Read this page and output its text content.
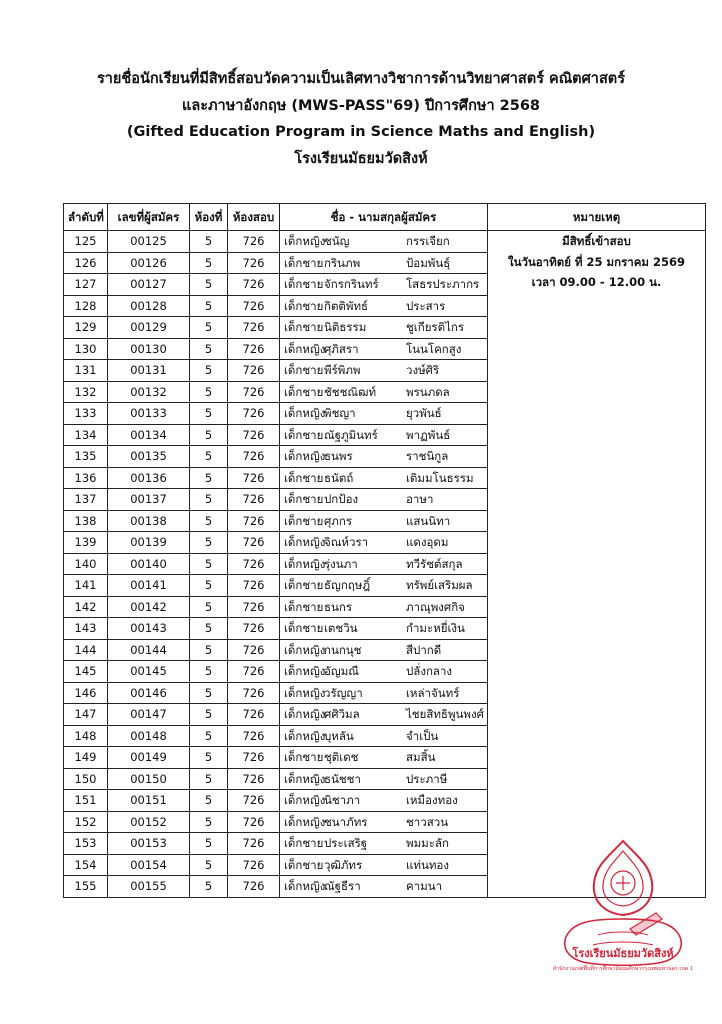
รายชื่อนักเรียนที่มีสิทธิ์สอบวัดความเป็นเลิศทางวิชาการด้านวิทยาศาสตร์ คณิตศาสตร์
และภาษาอังกฤษ (MWS-PASS"69) ปีการศึกษา 2568
(Gifted Education Program in Science Maths and English)
โรงเรียนมัธยมวัดสิงห์
ลำดับที่	เลขที่ผู้สมัคร	ห้องที่	ห้องสอบ	ชื่อ - นามสกุลผู้สมัคร	หมายเหตุ
125	00125	5	726	เด็กหญิงชนัญ กรรเจียก	มีสิทธิ์เข้าสอบ
ในวันอาทิตย์ ที่ 25 มกราคม 2569
เวลา 09.00 - 12.00 น.

126	00126	5	726	เด็กชายกรินภพ ป้อมพันธุ์	
127	00127	5	726	เด็กชายจักรกรินทร์ โสธรประภากร	
128	00128	5	726	เด็กชายกิตติพัทธ์ ประสาร	
129	00129	5	726	เด็กชายนิติธรรม ชูเกียรติไกร	
130	00130	5	726	เด็กหญิงศุภิสรา โนนโคกสูง	
131	00131	5	726	เด็กชายพีร์พิภพ วงษ์ศิริ	
132	00132	5	726	เด็กชายชัชชณิฒท์ พรนภดล	
133	00133	5	726	เด็กหญิงพิชญา ยุวพันธ์	
134	00134	5	726	เด็กชายณัฐภูมินทร์ พาฏพันธ์	
135	00135	5	726	เด็กหญิงธนพร ราชนิกูล	
136	00136	5	726	เด็กชายธนัตถ์ เติมมโนธรรม	
137	00137	5	726	เด็กชายปกป้อง อาษา	
138	00138	5	726	เด็กชายศุภกร แสนนิทา	
139	00139	5	726	เด็กหญิงจิณห์วรา แดงอุดม	
140	00140	5	726	เด็กหญิงรุ่งนภา ทวีรัชต์สกุล	
141	00141	5	726	เด็กชายธัญกฤษฎิ์ ทรัพย์เสริมผล	
142	00142	5	726	เด็กชายธนกร ภาณุพงศกิจ	
143	00143	5	726	เด็กชายเตชวิน กำมะหยี่เงิน	
144	00144	5	726	เด็กหญิงกนกนุช สีปากดี	
145	00145	5	726	เด็กหญิงอัญมณี ปลั่งกลาง	
146	00146	5	726	เด็กหญิงวรัญญา เหล่าจันทร์	
147	00147	5	726	เด็กหญิงศศิวิมล ไชยสิทธิพูนพงศ์	
148	00148	5	726	เด็กหญิงบุหลัน จำเป็น	
149	00149	5	726	เด็กชายชุติเดช สมสิ้น	
150	00150	5	726	เด็กหญิงธนัชชา ประภาษี	
151	00151	5	726	เด็กหญิงนิชาภา เหมืองทอง	
152	00152	5	726	เด็กหญิงชนาภัทร ชาวสวน	
153	00153	5	726	เด็กชายประเสริฐ พมมะลัก	
154	00154	5	726	เด็กชายวุฒิภัทร แท่นทอง	
155	00155	5	726	เด็กหญิงณัฐธีรา คามนา	
โรงเรียนมัธยมวัดสิงห์
สำนักงานเขตพื้นที่การศึกษามัธยมศึกษากรุงเทพมหานคร เขต 1
